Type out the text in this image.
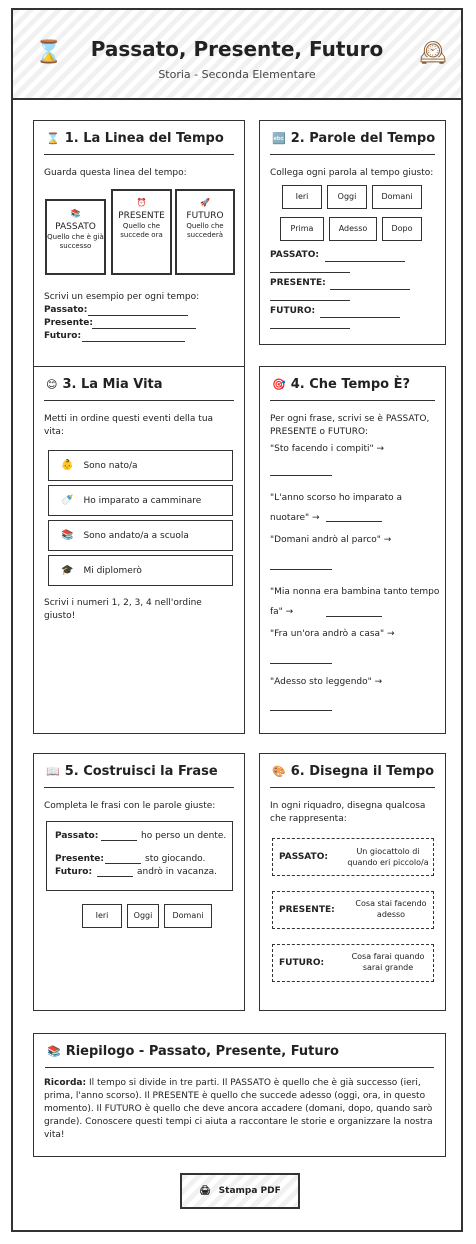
⌛	Passato, Presente, Futuro
Storia - Seconda Elementare
🕰
⌛ 1. La Linea del Tempo
Guarda questa linea del tempo:
📚
PASSATO
Quello che è già successo
⏰
PRESENTE
Quello che succede ora
🚀
FUTURO
Quello che succederà
Scrivi un esempio per ogni tempo:
Passato:
Presente:
Futuro:
🔤 2. Parole del Tempo
Collega ogni parola al tempo giusto:
Ieri	Oggi	Domani
Prima	Adesso	Dopo
PASSATO:
PRESENTE:
FUTURO:
😊 3. La Mia Vita
Metti in ordine questi eventi della tua vita:
👶 Sono nato/a
🍼 Ho imparato a camminare
📚 Sono andato/a a scuola
🎓 Mi diplomerò
Scrivi i numeri 1, 2, 3, 4 nell'ordine giusto!
🎯 4. Che Tempo È?
Per ogni frase, scrivi se è PASSATO, PRESENTE o FUTURO:
"Sto facendo i compiti" →
"L'anno scorso ho imparato a nuotare" →
"Domani andrò al parco" →
"Mia nonna era bambina tanto tempo fa" →
"Fra un'ora andrò a casa" →
"Adesso sto leggendo" →
📖 5. Costruisci la Frase
Completa le frasi con le parole giuste:
Passato:	ho perso un dente.
Presente:	sto giocando.
Futuro:	andrò in vacanza.
Ieri	Oggi	Domani
🎨 6. Disegna il Tempo
In ogni riquadro, disegna qualcosa che rappresenta:
PASSATO:
Un giocattolo di quando eri piccolo/a
PRESENTE:
Cosa stai facendo adesso
FUTURO:
Cosa farai quando sarai grande
📚 Riepilogo - Passato, Presente, Futuro
Ricorda: Il tempo si divide in tre parti. Il PASSATO è quello che è già successo (ieri, prima, l'anno scorso). Il PRESENTE è quello che succede adesso (oggi, ora, in questo momento). Il FUTURO è quello che deve ancora accadere (domani, dopo, quando sarò grande). Conoscere questi tempi ci aiuta a raccontare le storie e organizzare la nostra vita!
🖨 Stampa PDF
